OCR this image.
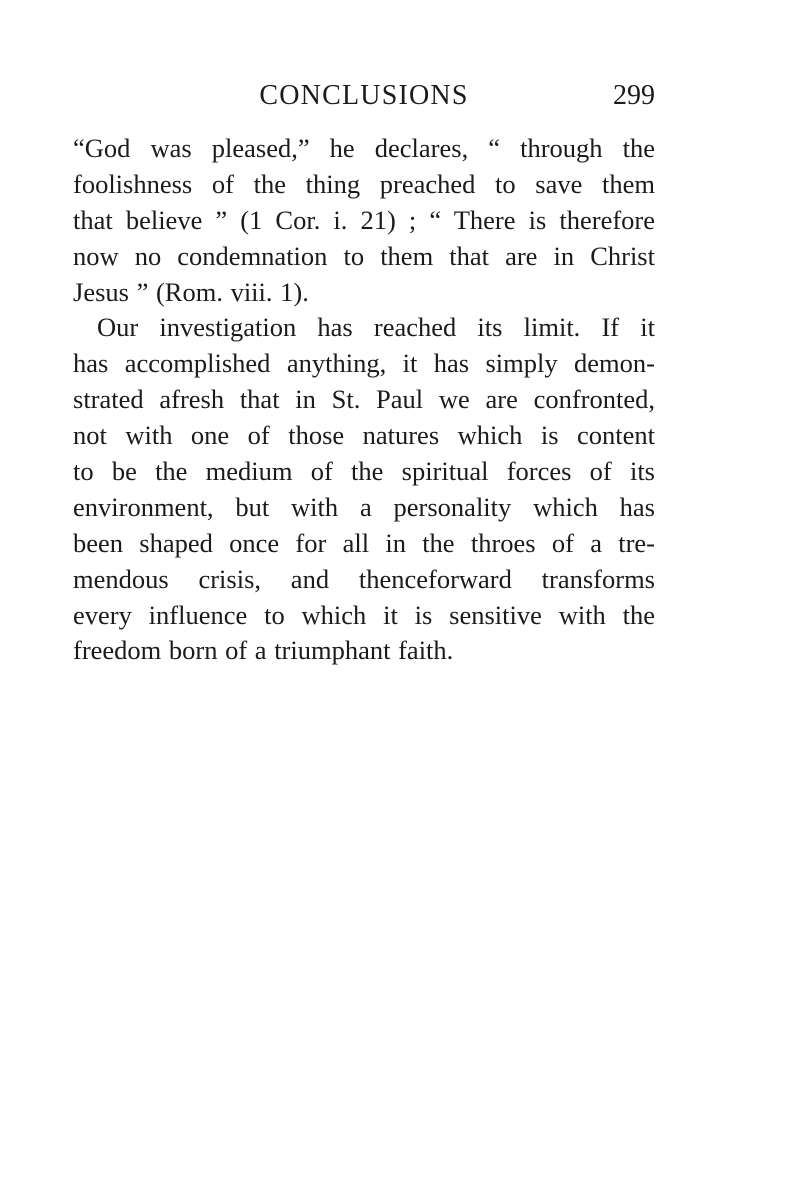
CONCLUSIONS	299
“God was pleased,” he declares, “ through the
foolishness of the thing preached to save them
that believe ” (1 Cor. i. 21) ; “ There is therefore
now no condemnation to them that are in Christ
Jesus ” (Rom. viii. 1).
Our investigation has reached its limit. If it
has accomplished anything, it has simply demon-
strated afresh that in St. Paul we are confronted,
not with one of those natures which is content
to be the medium of the spiritual forces of its
environment, but with a personality which has
been shaped once for all in the throes of a tre-
mendous crisis, and thenceforward transforms
every influence to which it is sensitive with the
freedom born of a triumphant faith.
